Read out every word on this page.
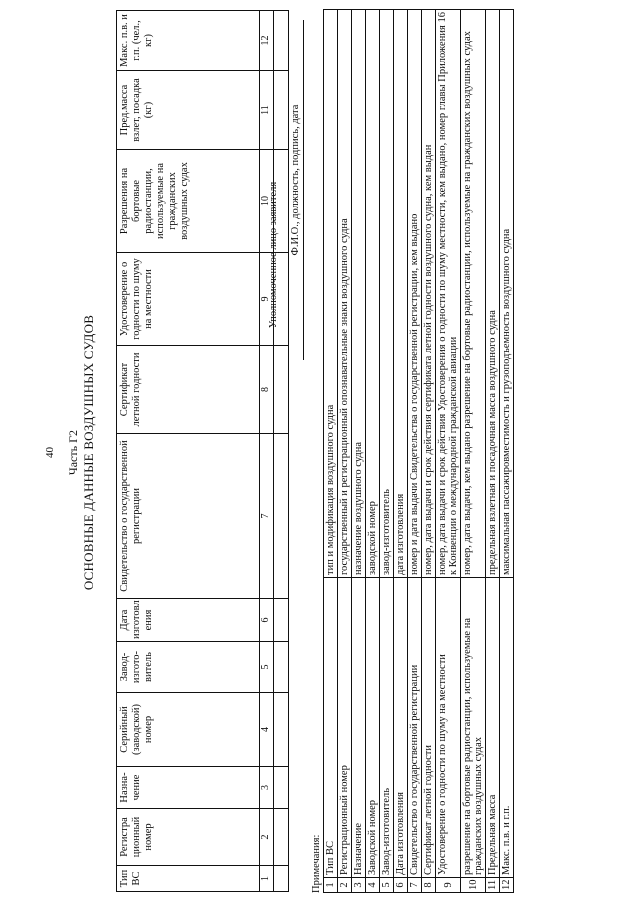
40 Часть Г2 ОСНОВНЫЕ ДАННЫЕ ВОЗДУШНЫХ СУДОВ
Тип ВС	Регистра ционный номер	Назна- чение	Серийный (заводской) номер	Завод- изгото- витель	Дата изготовл ения	Свидетельство о государственной регистрации	Сертификат летной годности	Удостоверение о годности по шуму на местности	Разрешения на бортовые радиостанции, используемые на гражданских воздушных судах	Пред.масса взлет, посадка (кг)	Макс. п.в. и г.п. (чел., кг)
1	2	3	4	5	6	7	8	9	10	11	12

Уполномоченное лицо заявителя Ф.И.О., должность, подпись, дата
Примечания: 1	Тип ВС	тип и модификация воздушного судна
2	Регистрационный номер	государственный и регистрационный опознавательные знаки воздушного судна
3	Назначение	назначение воздушного судна
4	Заводской номер	заводской номер
5	Завод-изготовитель	завод-изготовитель
6	Дата изготовления	дата изготовления
7	Свидетельство о государственной регистрации	номер и дата выдачи Свидетельства о государственной регистрации, кем выдано
8	Сертификат летной годности	номер, дата выдачи и срок действия сертификата летной годности воздушного судна, кем выдан
9	Удостоверение о годности по шуму на местности	номер, дата выдачи и срок действия Удостоверения о годности по шуму местности, кем выдано, номер главы Приложения 16 к Конвенции о международной гражданской авиации
10	разрешение на бортовые радиостанции, используемые на гражданских воздушных судах	номер, дата выдачи, кем выдано разрешение на бортовые радиостанции, используемые на гражданских воздушных судах
11	Предельная масса	предельная взлетная и посадочная масса воздушного судна
12	Макс. п.в. и г.п.	максимальная пассажировместимость и грузоподъемность воздушного судна
